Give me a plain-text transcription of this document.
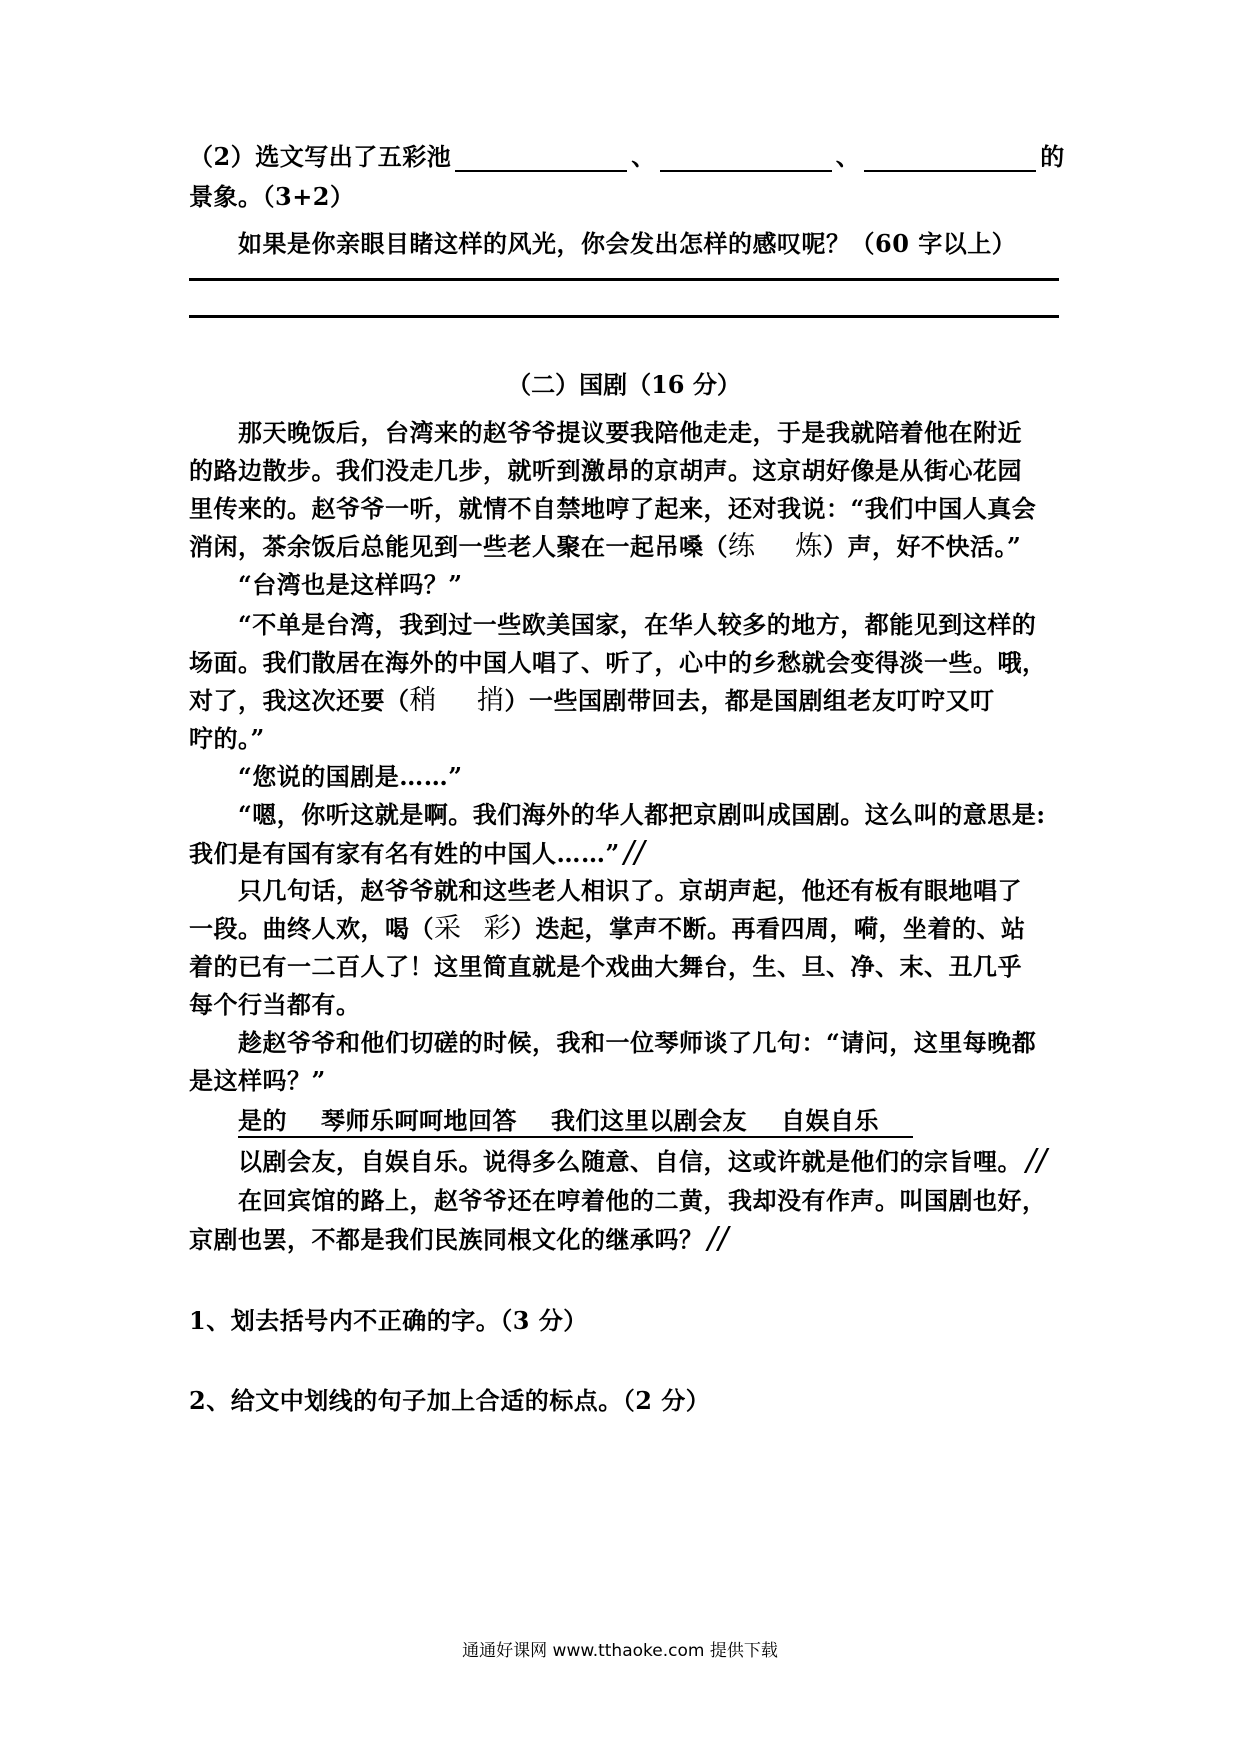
（2）选文写出了五彩池	、	、	的
景象。（3+2）
如果是你亲眼目睹这样的风光，你会发出怎样的感叹呢？（60 字以上）
（二）国剧（16 分）
那天晚饭后，台湾来的赵爷爷提议要我陪他走走，于是我就陪着他在附近
的路边散步。我们没走几步，就听到激昂的京胡声。这京胡好像是从街心花园
里传来的。赵爷爷一听，就情不自禁地哼了起来，还对我说：“我们中国人真会
消闲，茶余饭后总能见到一些老人聚在一起吊嗓（练 炼）声，好不快活。”
“台湾也是这样吗？”
“不单是台湾，我到过一些欧美国家，在华人较多的地方，都能见到这样的
场面。我们散居在海外的中国人唱了、听了，心中的乡愁就会变得淡一些。哦，
对了，我这次还要（稍 捎）一些国剧带回去，都是国剧组老友叮咛又叮
咛的。”
“您说的国剧是……”
“嗯，你听这就是啊。我们海外的华人都把京剧叫成国剧。这么叫的意思是:
我们是有国有家有名有姓的中国人……” //
只几句话，赵爷爷就和这些老人相识了。京胡声起，他还有板有眼地唱了
一段。曲终人欢，喝（采 彩）迭起，掌声不断。再看四周，嗬，坐着的、站
着的已有一二百人了！这里简直就是个戏曲大舞台，生、旦、净、末、丑几乎
每个行当都有。
趁赵爷爷和他们切磋的时候，我和一位琴师谈了几句：“请问，这里每晚都
是这样吗？”
是的 琴师乐呵呵地回答 我们这里以剧会友 自娱自乐
以剧会友，自娱自乐。说得多么随意、自信，这或许就是他们的宗旨哩。 //
在回宾馆的路上，赵爷爷还在哼着他的二黄，我却没有作声。叫国剧也好，
京剧也罢，不都是我们民族同根文化的继承吗？ //
1、划去括号内不正确的字。（3 分）
2、给文中划线的句子加上合适的标点。（2 分）
通通好课网 www.tthaoke.com 提供下载
